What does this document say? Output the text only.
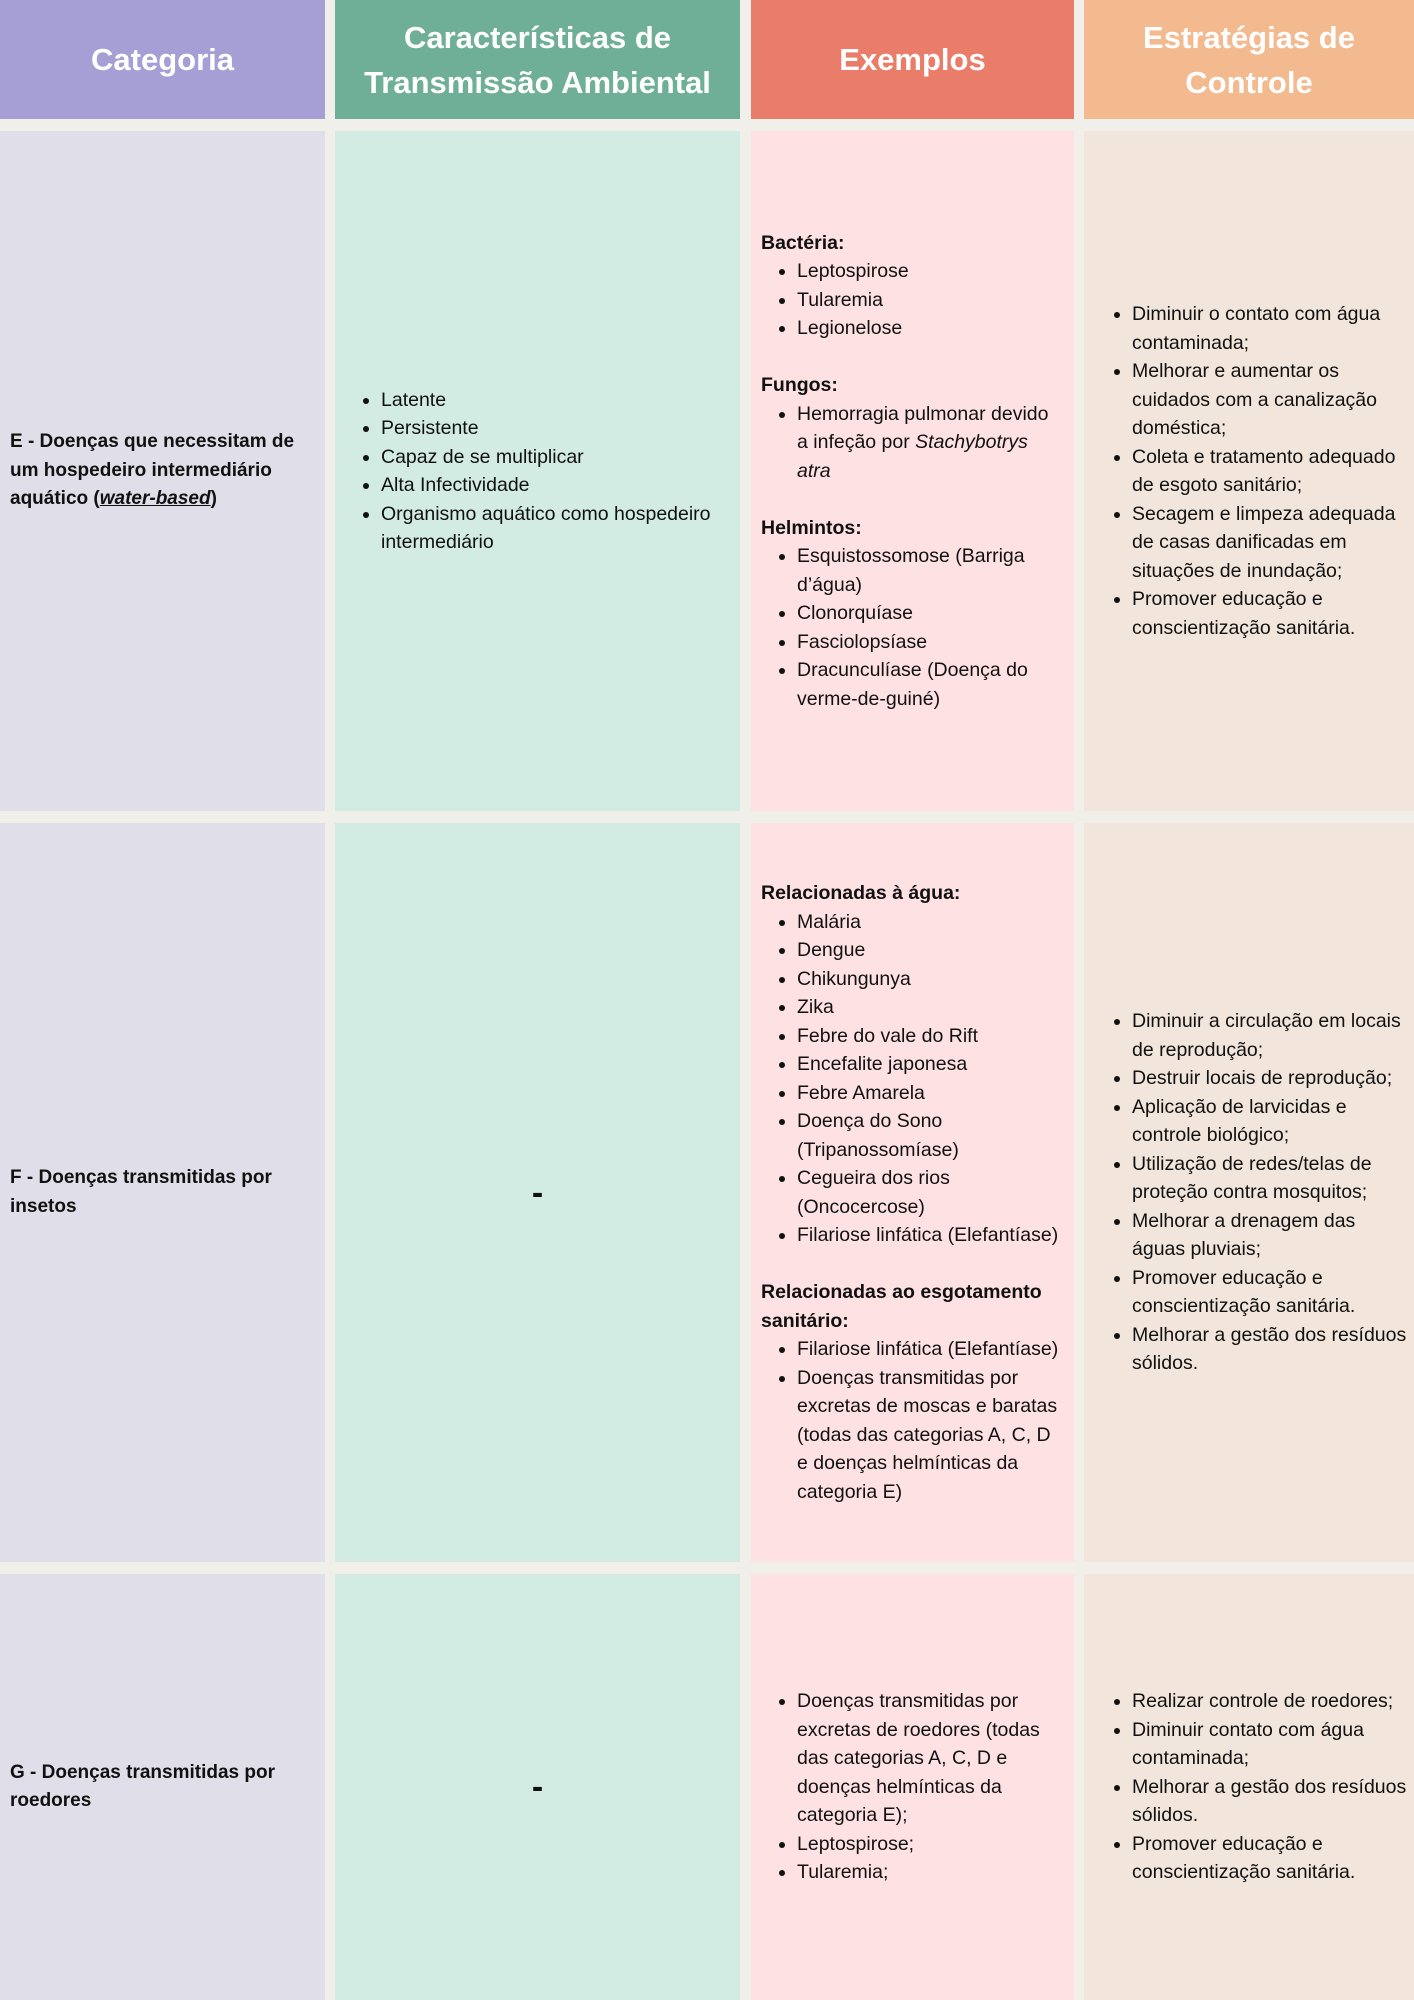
Categoria
Características de Transmissão Ambiental
Exemplos
Estratégias de Controle
E - Doenças que necessitam de um hospedeiro intermediário aquático (water-based)
• Latente
• Persistente
• Capaz de se multiplicar
• Alta Infectividade
• Organismo aquático como hospedeiro intermediário
Bactéria:
• Leptospirose
• Tularemia
• Legionelose
Fungos:
• Hemorragia pulmonar devido a infeção por Stachybotrys atra
Helmintos:
• Esquistossomose (Barriga d’água)
• Clonorquíase
• Fasciolopsíase
• Dracunculíase (Doença do verme-de-guiné)
• Diminuir o contato com água contaminada;
• Melhorar e aumentar os cuidados com a canalização doméstica;
• Coleta e tratamento adequado de esgoto sanitário;
• Secagem e limpeza adequada de casas danificadas em situações de inundação;
• Promover educação e conscientização sanitária.
F - Doenças transmitidas por insetos	-
Relacionadas à água:
• Malária
• Dengue
• Chikungunya
• Zika
• Febre do vale do Rift
• Encefalite japonesa
• Febre Amarela
• Doença do Sono (Tripanossomíase)
• Cegueira dos rios (Oncocercose)
• Filariose linfática (Elefantíase)
Relacionadas ao esgotamento sanitário:
• Filariose linfática (Elefantíase)
• Doenças transmitidas por excretas de moscas e baratas (todas das categorias A, C, D e doenças helmínticas da categoria E)
• Diminuir a circulação em locais de reprodução;
• Destruir locais de reprodução;
• Aplicação de larvicidas e controle biológico;
• Utilização de redes/telas de proteção contra mosquitos;
• Melhorar a drenagem das águas pluviais;
• Promover educação e conscientização sanitária.
• Melhorar a gestão dos resíduos sólidos.
G - Doenças transmitidas por roedores	-
• Doenças transmitidas por excretas de roedores (todas das categorias A, C, D e doenças helmínticas da categoria E);
• Leptospirose;
• Tularemia;
• Realizar controle de roedores;
• Diminuir contato com água contaminada;
• Melhorar a gestão dos resíduos sólidos.
• Promover educação e conscientização sanitária.
